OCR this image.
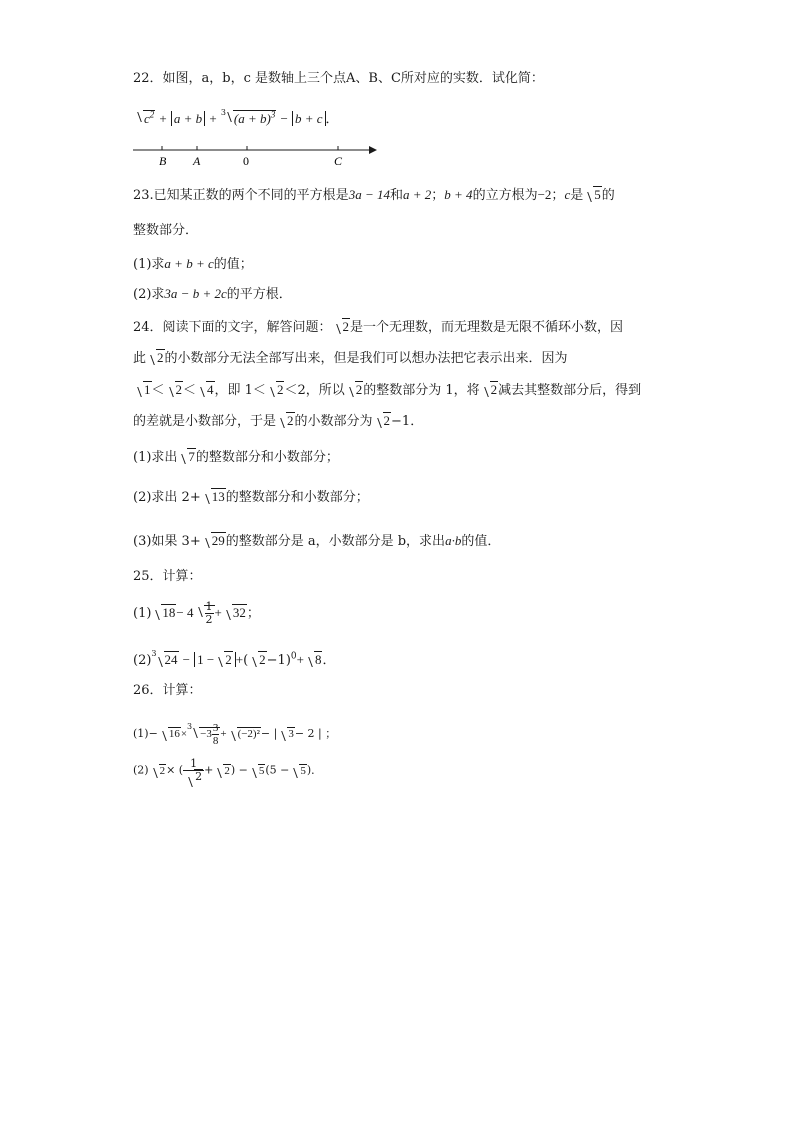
22．如图，a，b，c 是数轴上三个点A、B、C所对应的实数．试化简：
$c^2 + a + b + ^3$ $(a + b)^3 - b + c$ ．
B A	0	C
23.已知某正数的两个不同的平方根是3a − 14和a + 2；b + 4的立方根为−2；c是 5的
整数部分．
(1)求a + b + c的值；
(2)求3a − b + 2c的平方根．
24．阅读下面的文字，解答问题： 2是一个无理数，而无理数是无限不循环小数，因
此 2的小数部分无法全部写出来，但是我们可以想办法把它表示出来．因为
1＜ 2＜ 4，即 1＜ 2＜2，所以 2的整数部分为 1，将 2减去其整数部分后，得到
的差就是小数部分，于是 2的小数部分为 2−1．
(1)求出 7的整数部分和小数部分；
(2)求出 2+ 13的整数部分和小数部分；
(3)如果 3+ 29的整数部分是 a，小数部分是 b，求出a·b的值．
25．计算：
(1) $18- 4 \frac{1}{2} + 32$；
$(2)^3$ 24 − 1 − 2 +( 2−1)$^0$+ 8．
26．计算：
$(1)- 16\times^3-3 \frac{3}{8} + (-2)^2-$ | 3− 2 | ；
(2) 2× ( $\frac{1}{2} + 2) - 5(5 - 5)$．
